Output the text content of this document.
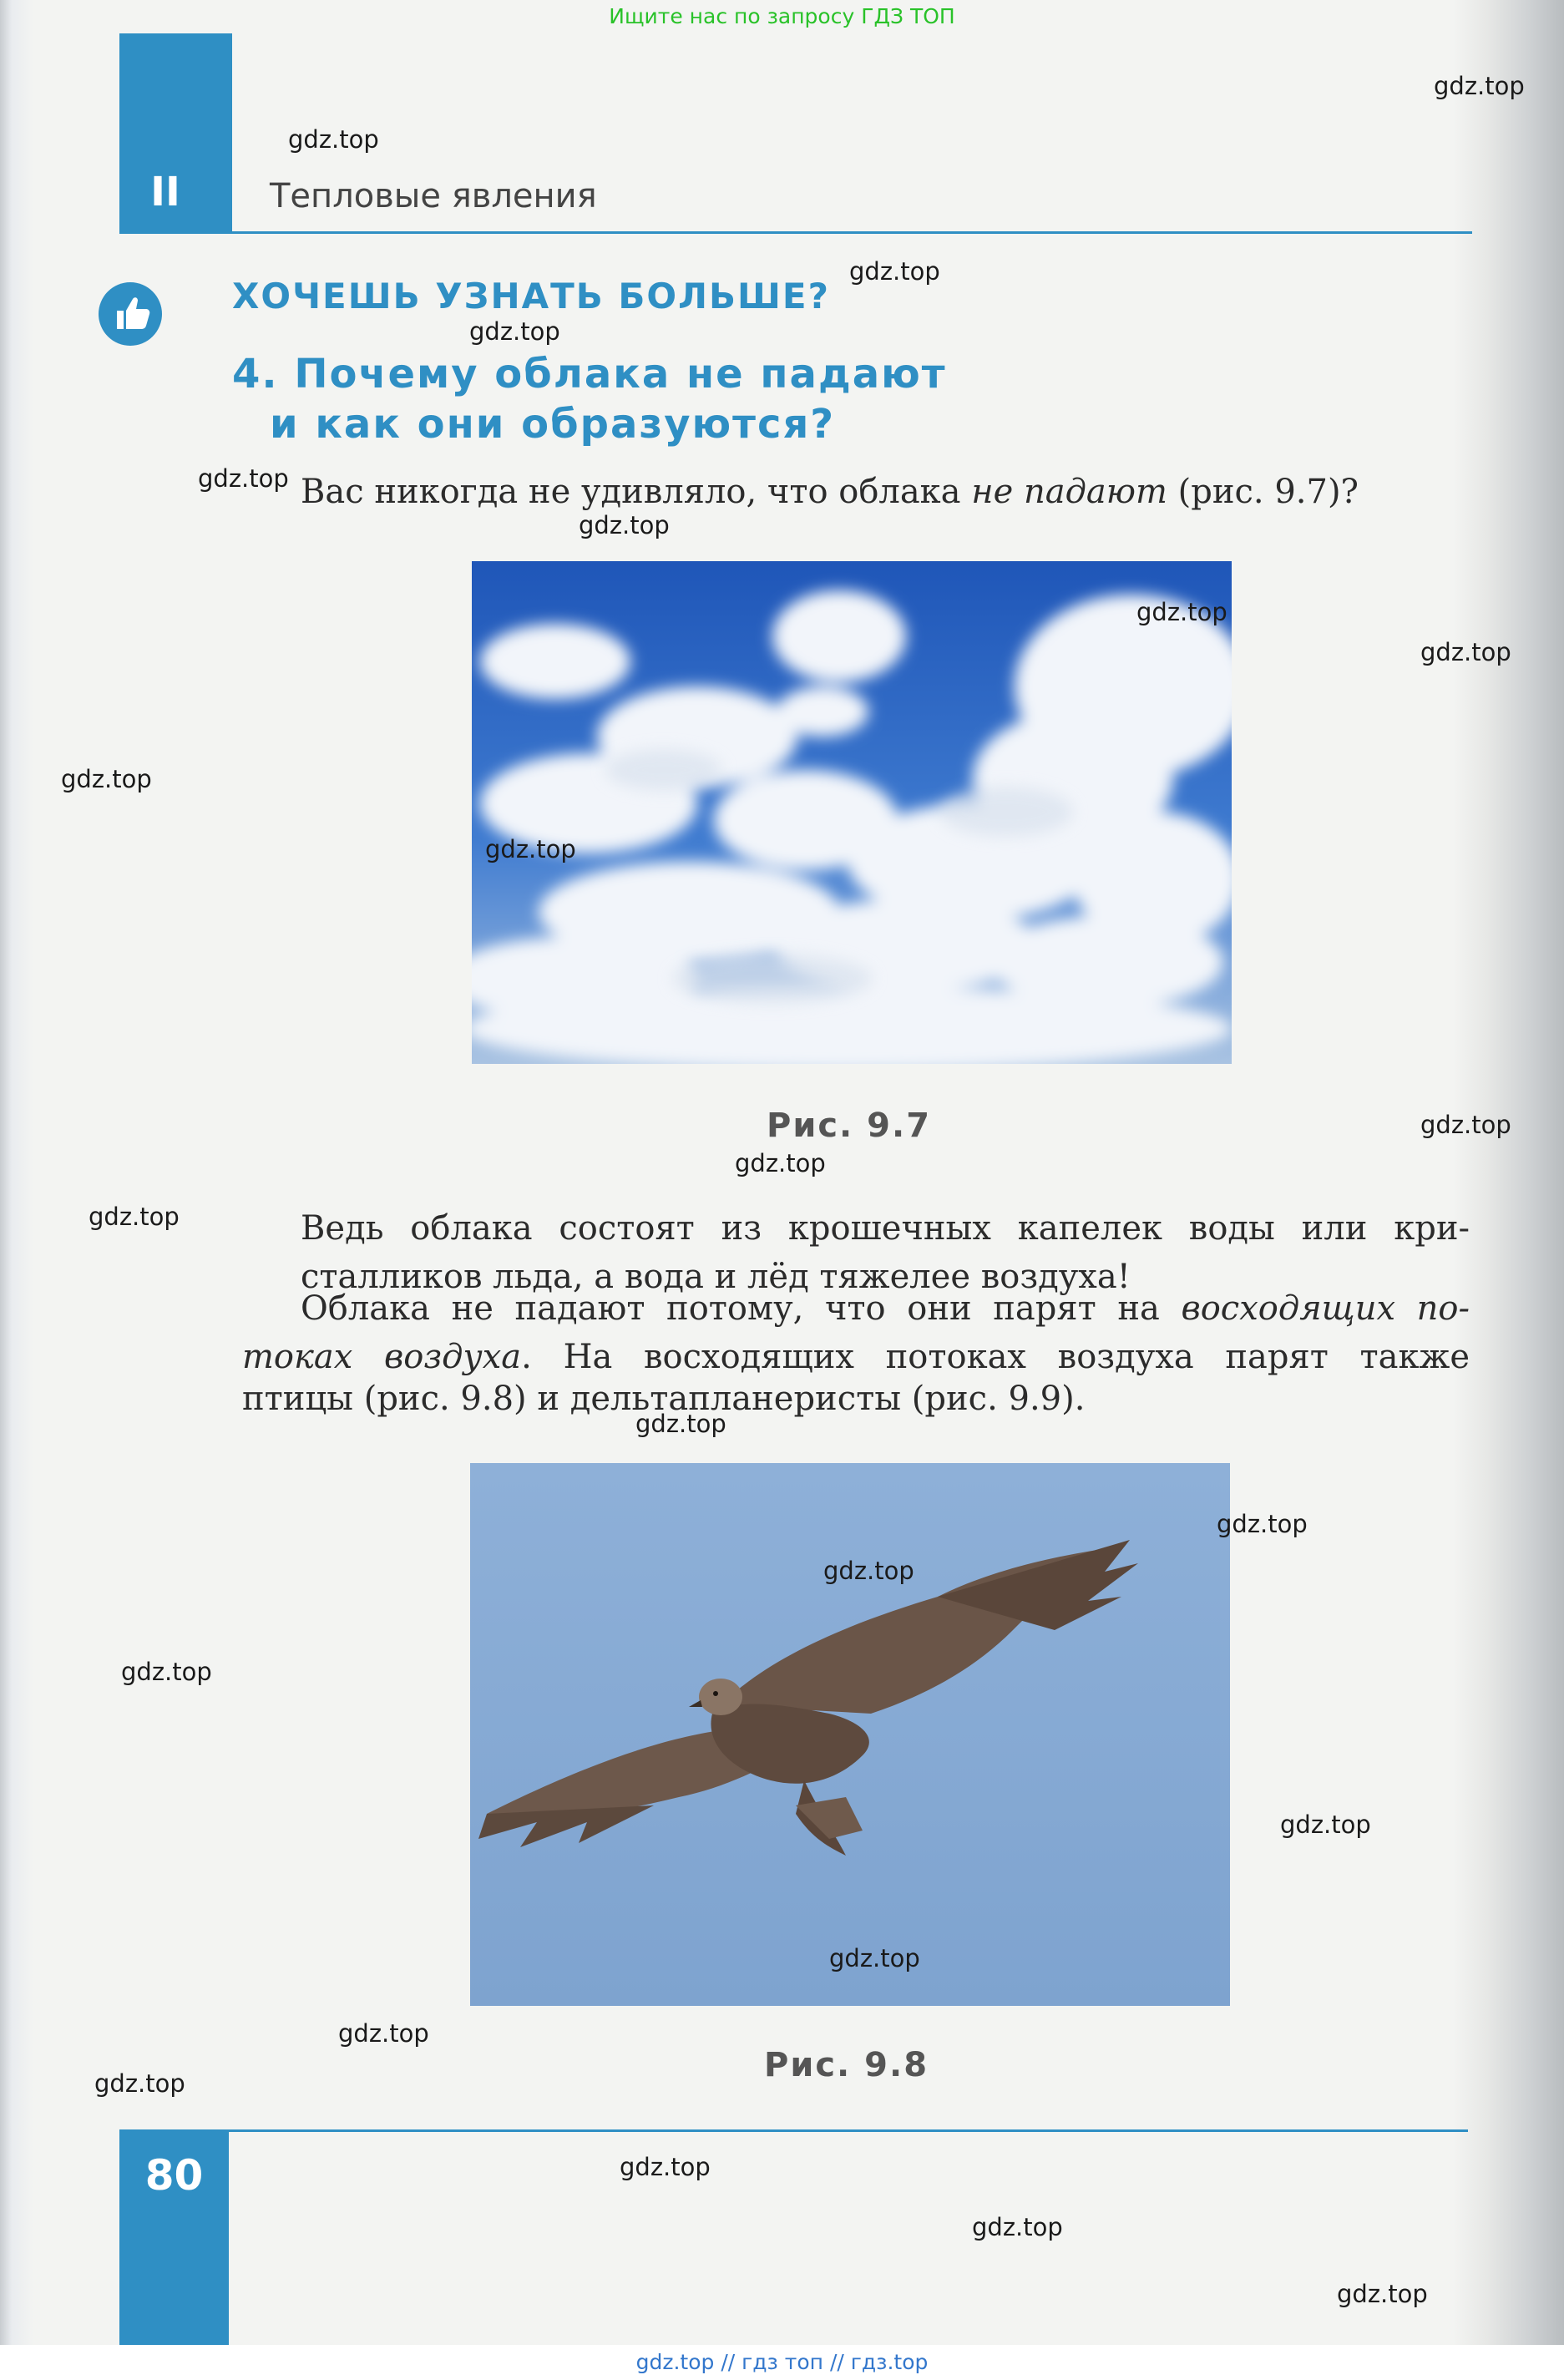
Ищите нас по запросу ГДЗ ТОП
II	Тепловые явления
ХОЧЕШЬ УЗНАТЬ БОЛЬШЕ?
4. Почему облака не падают
и как они образуются?
Вас никогда не удивляло, что облака не падают (рис. 9.7)?
Рис. 9.7
Ведь облака состоят из крошечных капелек воды или кри-
сталликов льда, а вода и лёд тяжелее воздуха!
Облака не падают потому, что они парят на восходящих по-
токах воздуха. На восходящих потоках воздуха парят также
птицы (рис. 9.8) и дельтапланеристы (рис. 9.9).
Рис. 9.8
80
gdz.top
gdz.top
gdz.top
gdz.top
gdz.top
gdz.top
gdz.top
gdz.top
gdz.top
gdz.top
gdz.top
gdz.top
gdz.top
gdz.top
gdz.top
gdz.top
gdz.top
gdz.top
gdz.top
gdz.top
gdz.top
gdz.top
gdz.top
gdz.top
gdz.top // гдз топ // гдз.top
